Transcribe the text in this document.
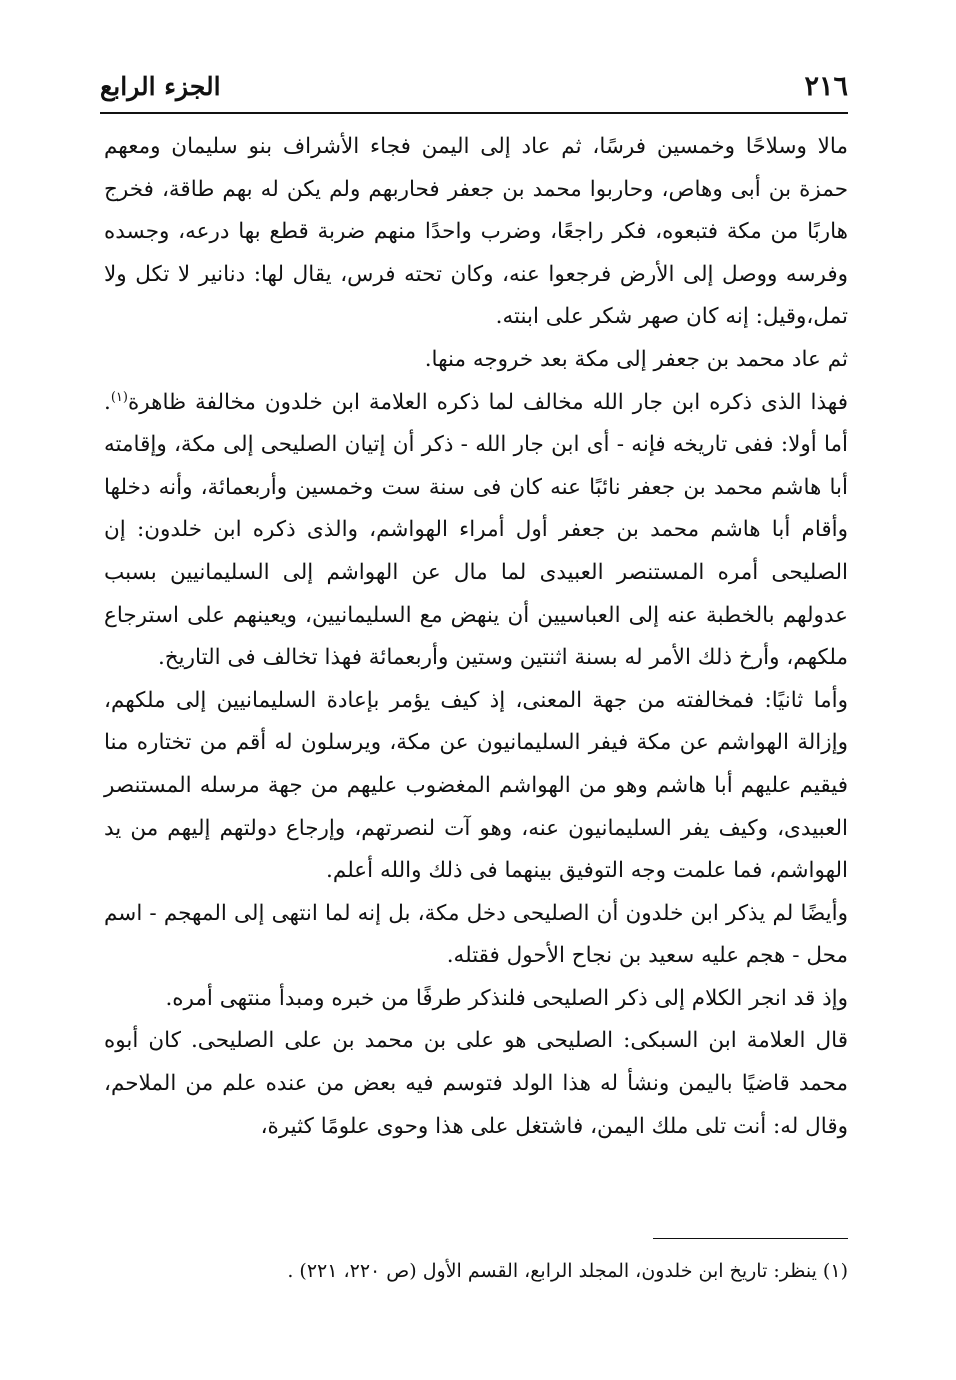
٢١٦
الجزء الرابع

مالا وسلاحًا وخمسين فرسًا، ثم عاد إلى اليمن فجاء الأشراف بنو سليمان ومعهم حمزة بن أبى وهاص، وحاربوا محمد بن جعفر فحاربهم ولم يكن له بهم طاقة، فخرج هاربًا من مكة فتبعوه، فكر راجعًا، وضرب واحدًا منهم ضربة قطع بها درعه، وجسده وفرسه ووصل إلى الأرض فرجعوا عنه، وكان تحته فرس، يقال لها: دنانير لا تكل ولا تمل،وقيل: إنه كان صهر شكر على ابنته.

ثم عاد محمد بن جعفر إلى مكة بعد خروجه منها.

فهذا الذى ذكره ابن جار الله مخالف لما ذكره العلامة ابن خلدون مخالفة ظاهرة$^{(١)}$. أما أولا: ففى تاريخه فإنه - أى ابن جار الله - ذكر أن إتيان الصليحى إلى مكة، وإقامته أبا هاشم محمد بن جعفر نائبًا عنه كان فى سنة ست وخمسين وأربعمائة، وأنه دخلها وأقام أبا هاشم محمد بن جعفر أول أمراء الهواشم، والذى ذكره ابن خلدون: إن الصليحى أمره المستنصر العبيدى لما مال عن الهواشم إلى السليمانيين بسبب عدولهم بالخطبة عنه إلى العباسيين أن ينهض مع السليمانيين، ويعينهم على استرجاع ملكهم، وأرخ ذلك الأمر له بسنة اثنتين وستين وأربعمائة فهذا تخالف فى التاريخ.

وأما ثانيًا: فمخالفته من جهة المعنى، إذ كيف يؤمر بإعادة السليمانيين إلى ملكهم، وإزالة الهواشم عن مكة فيفر السليمانيون عن مكة، ويرسلون له أقم من تختاره منا فيقيم عليهم أبا هاشم وهو من الهواشم المغضوب عليهم من جهة مرسله المستنصر العبيدى، وكيف يفر السليمانيون عنه، وهو آت لنصرتهم، وإرجاع دولتهم إليهم من يد الهواشم، فما علمت وجه التوفيق بينهما فى ذلك والله أعلم.

وأيضًا لم يذكر ابن خلدون أن الصليحى دخل مكة، بل إنه لما انتهى إلى المهجم - اسم محل - هجم عليه سعيد بن نجاح الأحول فقتله.

وإذ قد انجر الكلام إلى ذكر الصليحى فلنذكر طرفًا من خبره ومبدأ منتهى أمره.

قال العلامة ابن السبكى: الصليحى هو على بن محمد بن على الصليحى. كان أبوه محمد قاضيًا باليمن ونشأ له هذا الولد فتوسم فيه بعض من عنده علم من الملاحم، وقال له: أنت تلى ملك اليمن، فاشتغل على هذا وحوى علومًا كثيرة،

(١) ينظر: تاريخ ابن خلدون، المجلد الرابع، القسم الأول (ص ٢٢٠، ٢٢١) .
